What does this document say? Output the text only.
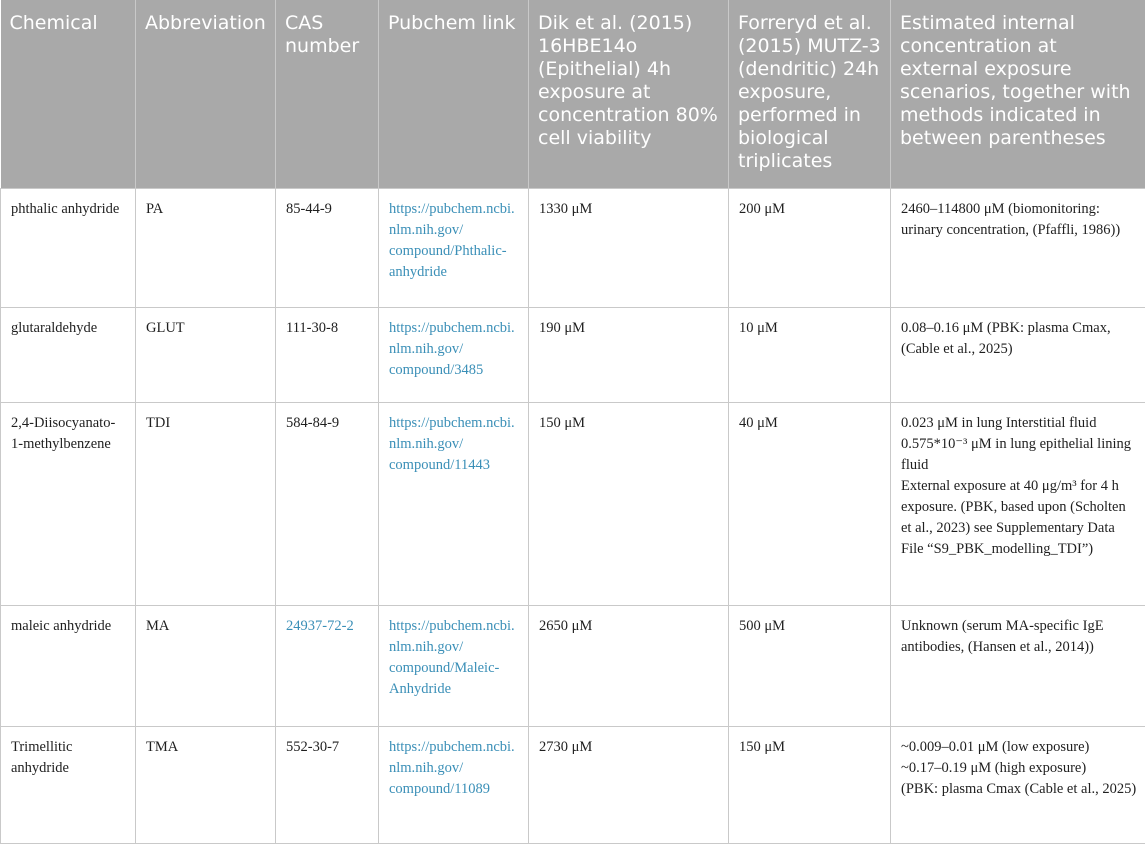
Chemical	Abbreviation	CAS number	Pubchem link	Dik et al. (2015) 16HBE14o (Epithelial) 4h exposure at concentration 80% cell viability	Forreryd et al. (2015) MUTZ-3 (dendritic) 24h exposure, performed in biological triplicates	Estimated internal concentration at external exposure scenarios, together with methods indicated in between parentheses
phthalic anhydride	PA	85-44-9	https://pubchem.ncbi.nlm.nih.gov/compound/Phthalic-anhydride	1330 μM	200 μM	2460–114800 μM (biomonitoring: urinary concentration, (Pfaffli, 1986))

glutaraldehyde	GLUT	111-30-8	https://pubchem.ncbi.nlm.nih.gov/compound/3485	190 μM	10 μM	0.08–0.16 μM (PBK: plasma Cmax, (Cable et al., 2025)

2,4-Diisocyanato-1-methylbenzene	TDI	584-84-9	https://pubchem.ncbi.nlm.nih.gov/compound/11443	150 μM	40 μM	0.023 μM in lung Interstitial fluid
0.575*10⁻³ μM in lung epithelial lining fluid
External exposure at 40 μg/m³ for 4 h exposure. (PBK, based upon (Scholten et al., 2023) see Supplementary Data File “S9_PBK_modelling_TDI”)

maleic anhydride	MA	24937-72-2	https://pubchem.ncbi.nlm.nih.gov/compound/Maleic-Anhydride	2650 μM	500 μM	Unknown (serum MA-specific IgE antibodies, (Hansen et al., 2014))

Trimellitic anhydride	TMA	552-30-7	https://pubchem.ncbi.nlm.nih.gov/compound/11089	2730 μM	150 μM	~0.009–0.01 μM (low exposure)
~0.17–0.19 μM (high exposure)
(PBK: plasma Cmax (Cable et al., 2025)
